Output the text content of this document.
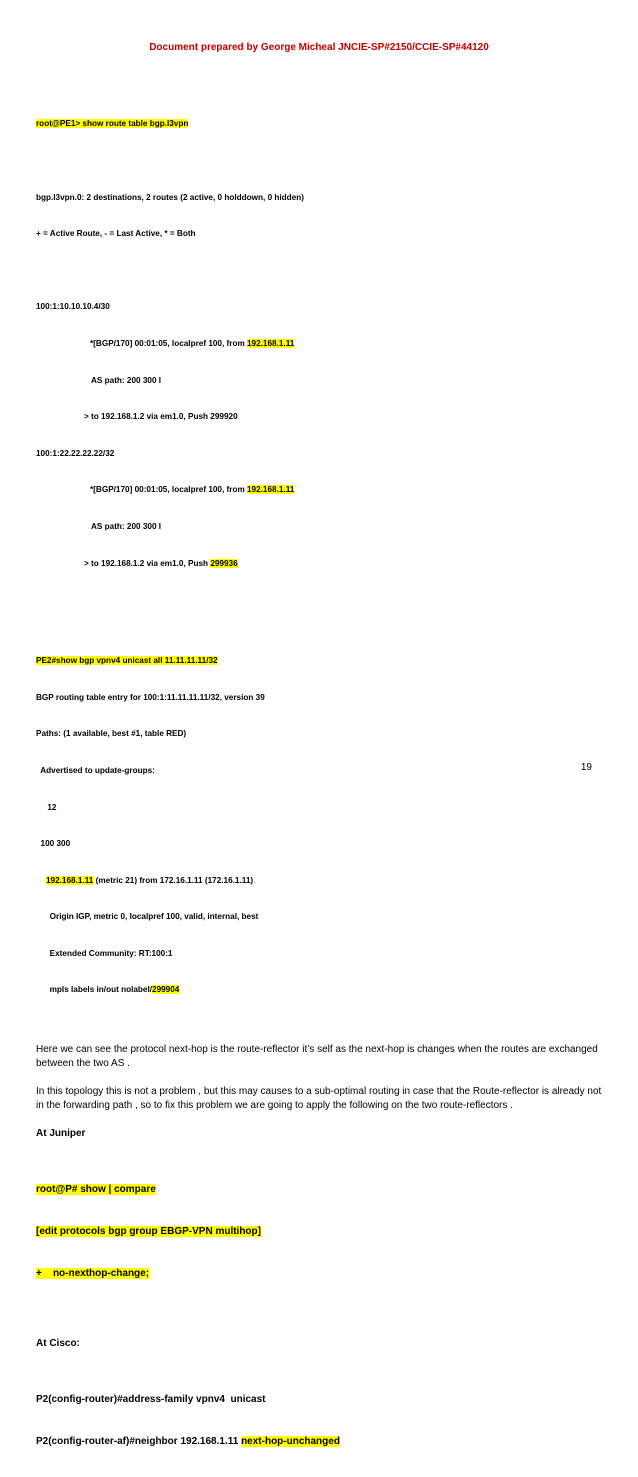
Document prepared by George Micheal JNCIE-SP#2150/CCIE-SP#44120

root@PE1> show route table bgp.l3vpn

bgp.l3vpn.0: 2 destinations, 2 routes (2 active, 0 holddown, 0 hidden)

+ = Active Route, - = Last Active, * = Both

100:1:10.10.10.4/30

*[BGP/170] 00:01:05, localpref 100, from 192.168.1.11

AS path: 200 300 I

> to 192.168.1.2 via em1.0, Push 299920

100:1:22.22.22.22/32

*[BGP/170] 00:01:05, localpref 100, from 192.168.1.11

AS path: 200 300 I

> to 192.168.1.2 via em1.0, Push 299936

PE2#show bgp vpnv4 unicast all 11.11.11.11/32

BGP routing table entry for 100:1:11.11.11.11/32, version 39

Paths: (1 available, best #1, table RED)

Advertised to update-groups:

12

100 300

192.168.1.11 (metric 21) from 172.16.1.11 (172.16.1.11)

Origin IGP, metric 0, localpref 100, valid, internal, best

Extended Community: RT:100:1

mpls labels in/out nolabel/299904

Here we can see the protocol next-hop is the route-reflector it’s self as the next-hop is changes when the routes are exchanged between the two AS .

In this topology this is not a problem , but this may causes to a sub-optimal routing in case that the Route-reflector is already not in the forwarding path , so to fix this problem we are going to apply the following on the two route-reflectors .

At Juniper

root@P# show | compare

[edit protocols bgp group EBGP-VPN multihop]

+    no-nexthop-change;

At Cisco:

P2(config-router)#address-family vpnv4  unicast

P2(config-router-af)#neighbor 192.168.1.11 next-hop-unchanged

19
